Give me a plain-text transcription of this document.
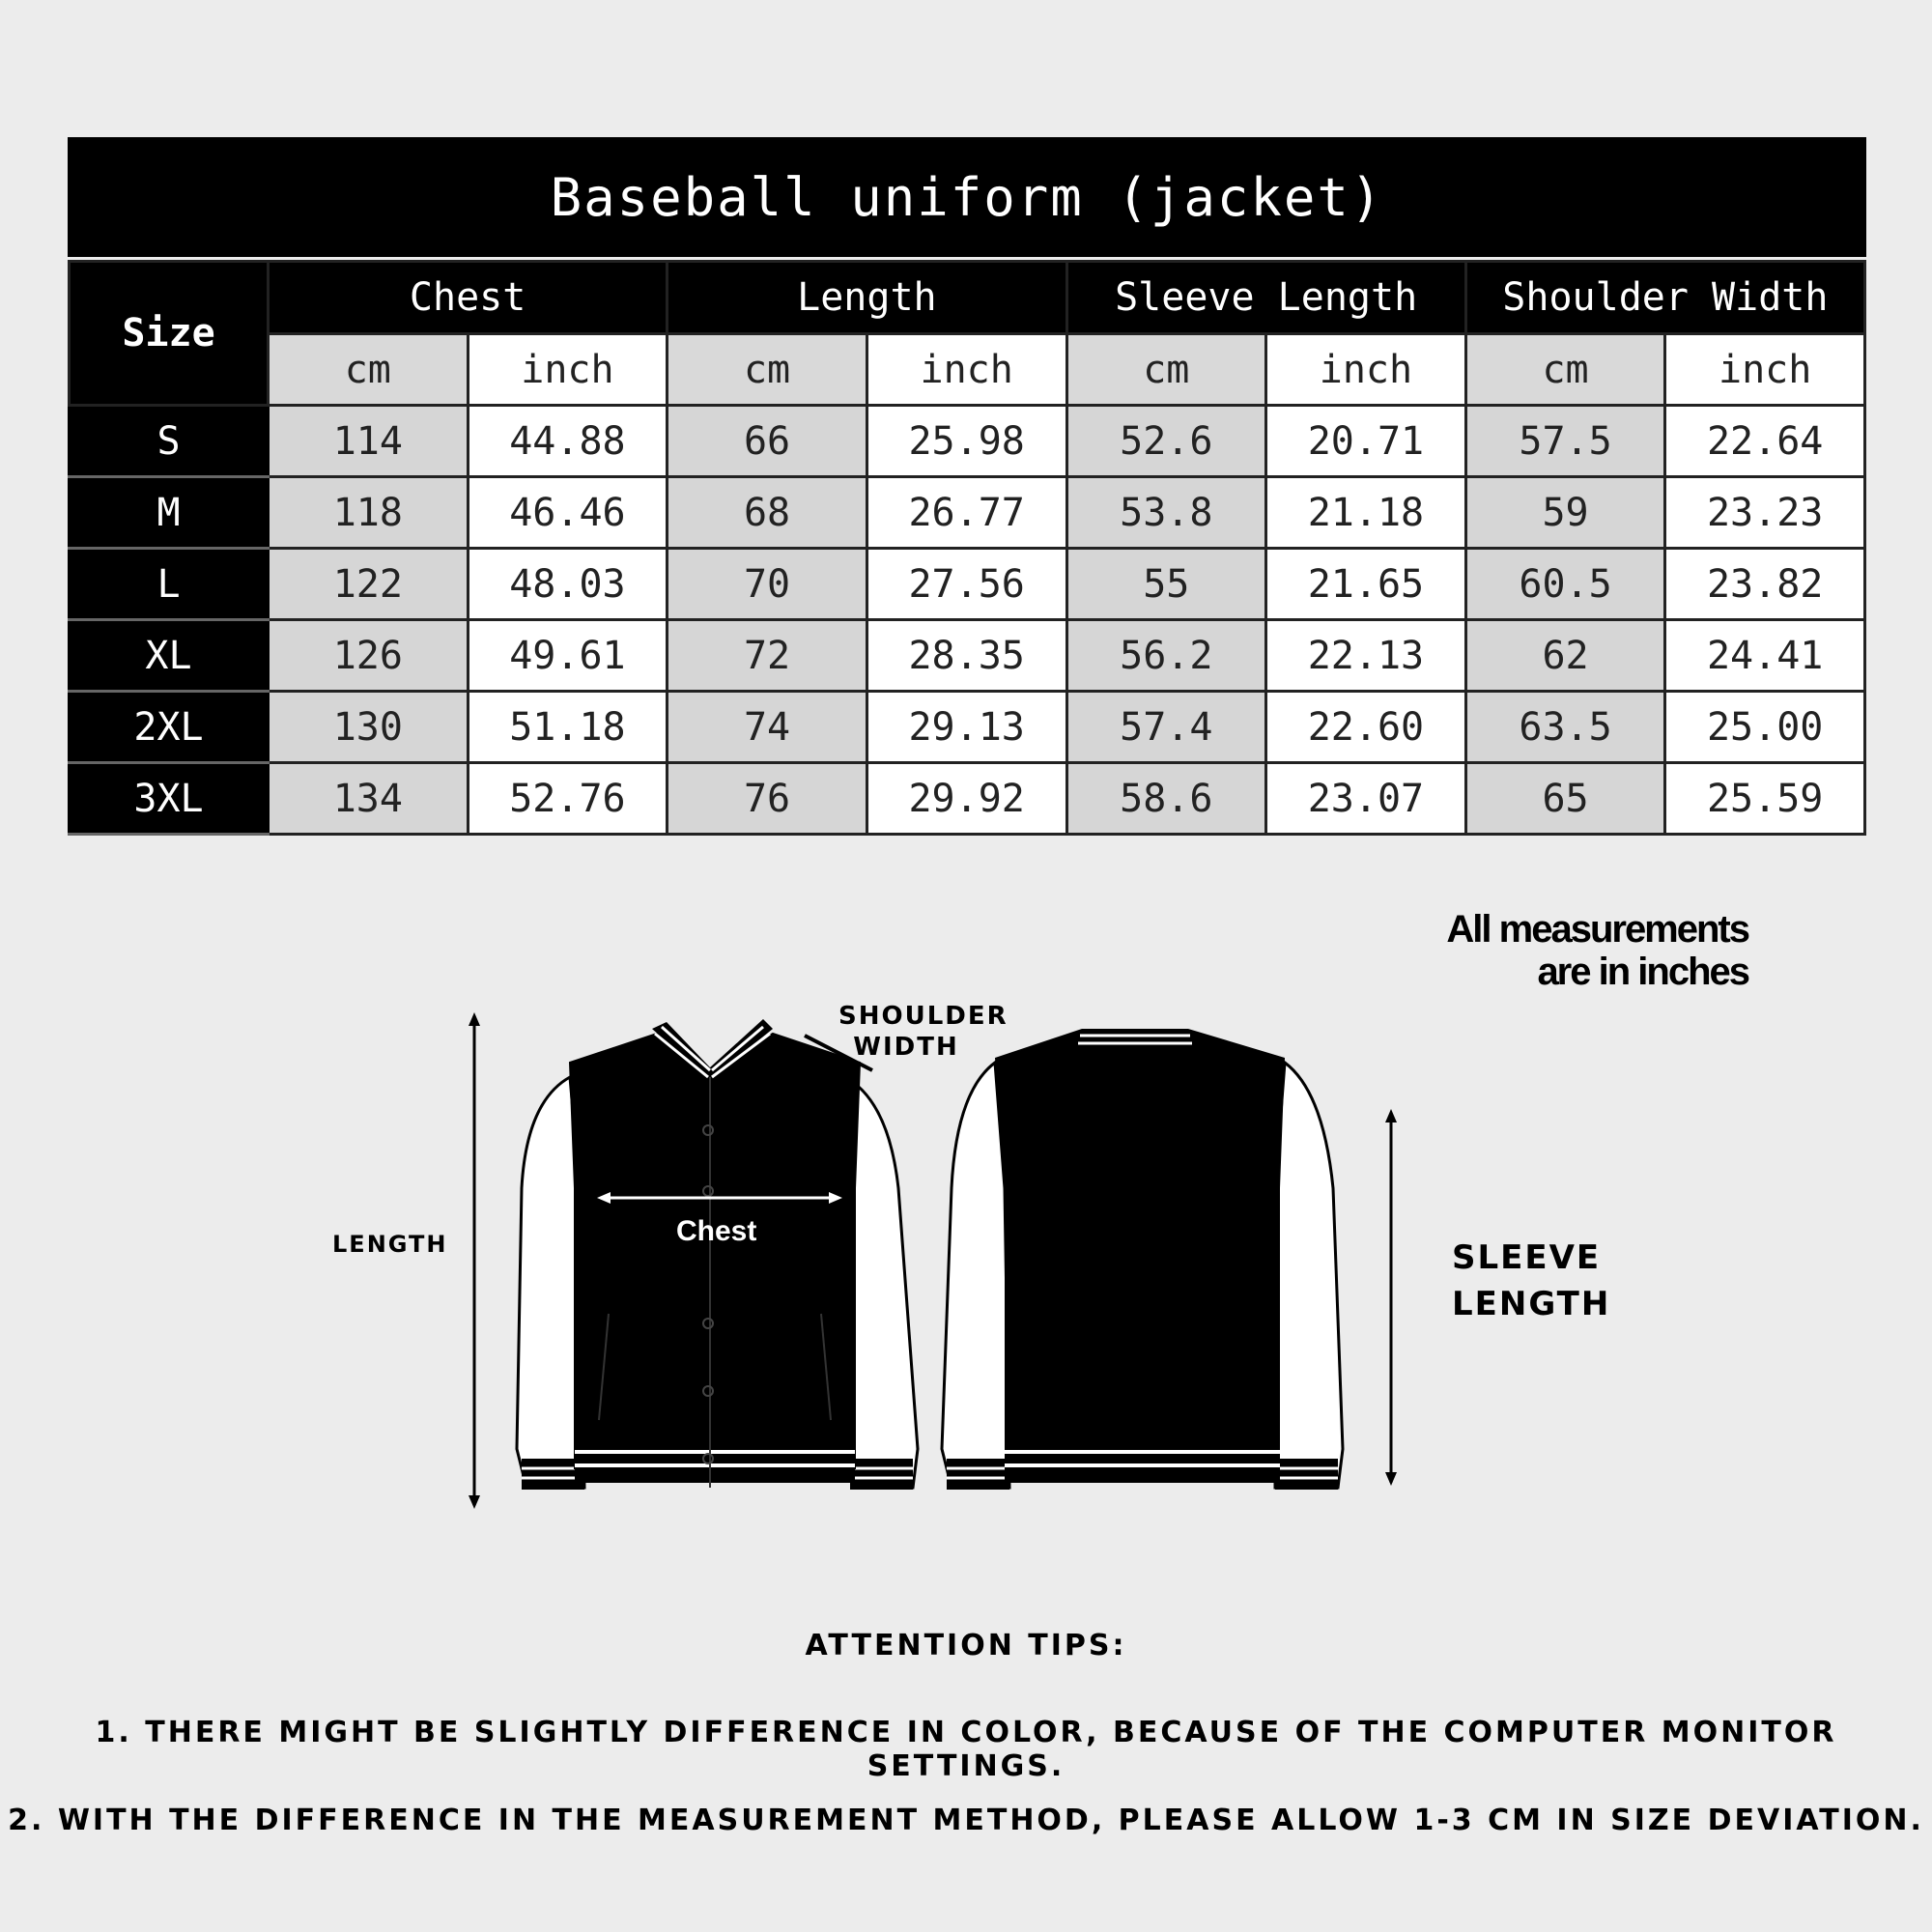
Baseball uniform (jacket)
Size	Chest		Length		Sleeve Length		Shoulder Width	
	cm	inch	cm	inch	cm	inch	cm	inch
S	114	44.88	66	25.98	52.6	20.71	57.5	22.64
M	118	46.46	68	26.77	53.8	21.18	59	23.23
L	122	48.03	70	27.56	55	21.65	60.5	23.82
XL	126	49.61	72	28.35	56.2	22.13	62	24.41
2XL	130	51.18	74	29.13	57.4	22.60	63.5	25.00
3XL	134	52.76	76	29.92	58.6	23.07	65	25.59
All measurements
are in inches
SHOULDER
WIDTH
LENGTH	Chest
SLEEVE
LENGTH
ATTENTION TIPS:
1. THERE MIGHT BE SLIGHTLY DIFFERENCE IN COLOR, BECAUSE OF THE COMPUTER MONITOR SETTINGS.
2. WITH THE DIFFERENCE IN THE MEASUREMENT METHOD, PLEASE ALLOW 1-3 CM IN SIZE DEVIATION.
